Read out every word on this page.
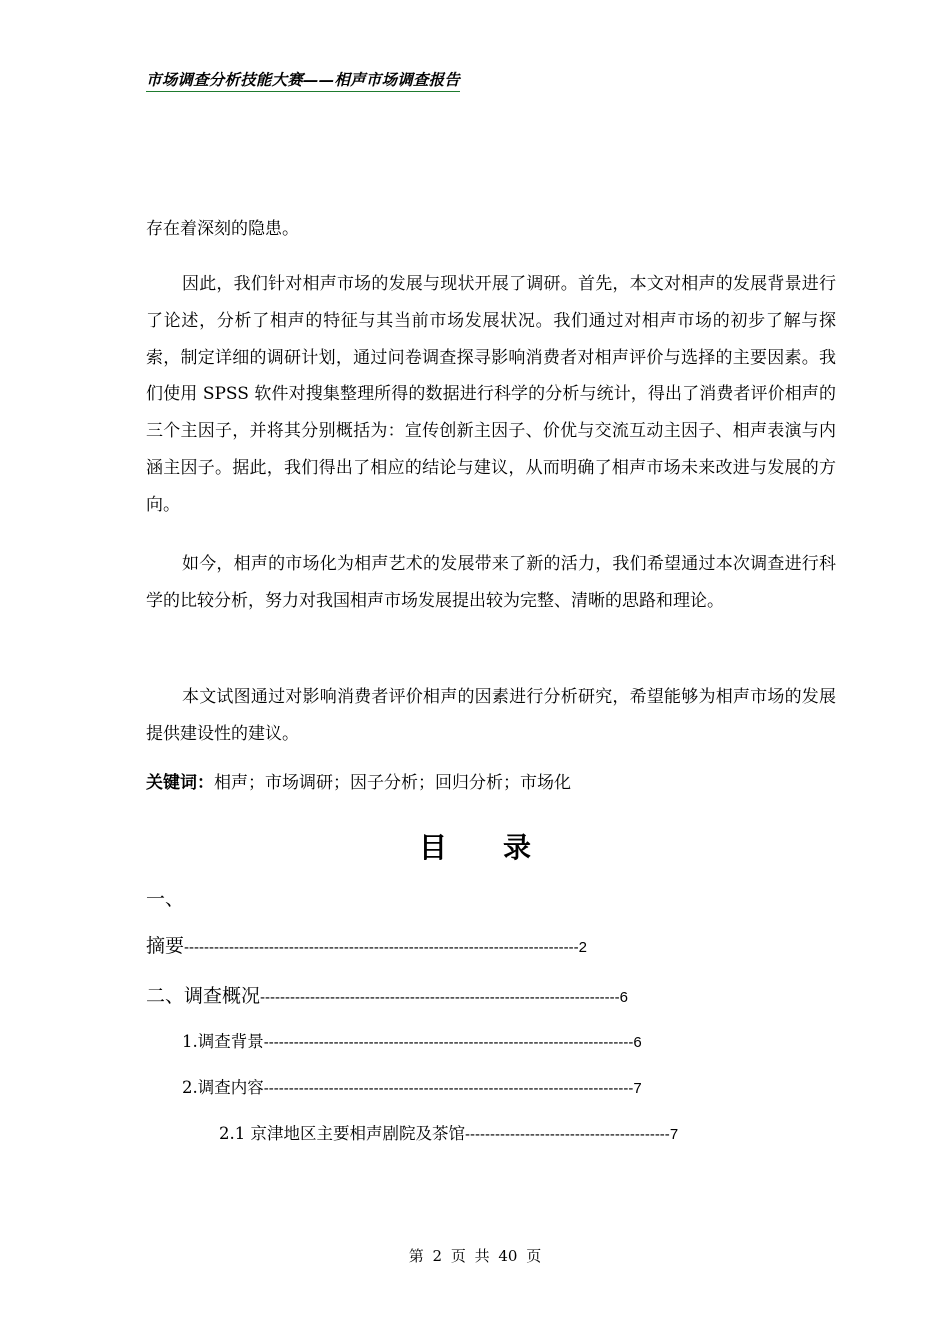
市场调查分析技能大赛——相声市场调查报告

存在着深刻的隐患。

因此，我们针对相声市场的发展与现状开展了调研。首先，本文对相声的发展背景进行了论述，分析了相声的特征与其当前市场发展状况。我们通过对相声市场的初步了解与探索，制定详细的调研计划，通过问卷调查探寻影响消费者对相声评价与选择的主要因素。我们使用 SPSS 软件对搜集整理所得的数据进行科学的分析与统计，得出了消费者评价相声的三个主因子，并将其分别概括为：宣传创新主因子、价优与交流互动主因子、相声表演与内涵主因子。据此，我们得出了相应的结论与建议，从而明确了相声市场未来改进与发展的方向。

如今，相声的市场化为相声艺术的发展带来了新的活力，我们希望通过本次调查进行科学的比较分析，努力对我国相声市场发展提出较为完整、清晰的思路和理论。

本文试图通过对影响消费者评价相声的因素进行分析研究，希望能够为相声市场的发展提供建设性的建议。

关键词：相声；市场调研；因子分析；回归分析；市场化
目录
一、
摘要-------------------------------------------------------------------------------2
二、调查概况------------------------------------------------------------------------6
1.调查背景--------------------------------------------------------------------------6
2.调查内容--------------------------------------------------------------------------7
2.1 京津地区主要相声剧院及茶馆-----------------------------------------7
第 2 页 共 40 页
